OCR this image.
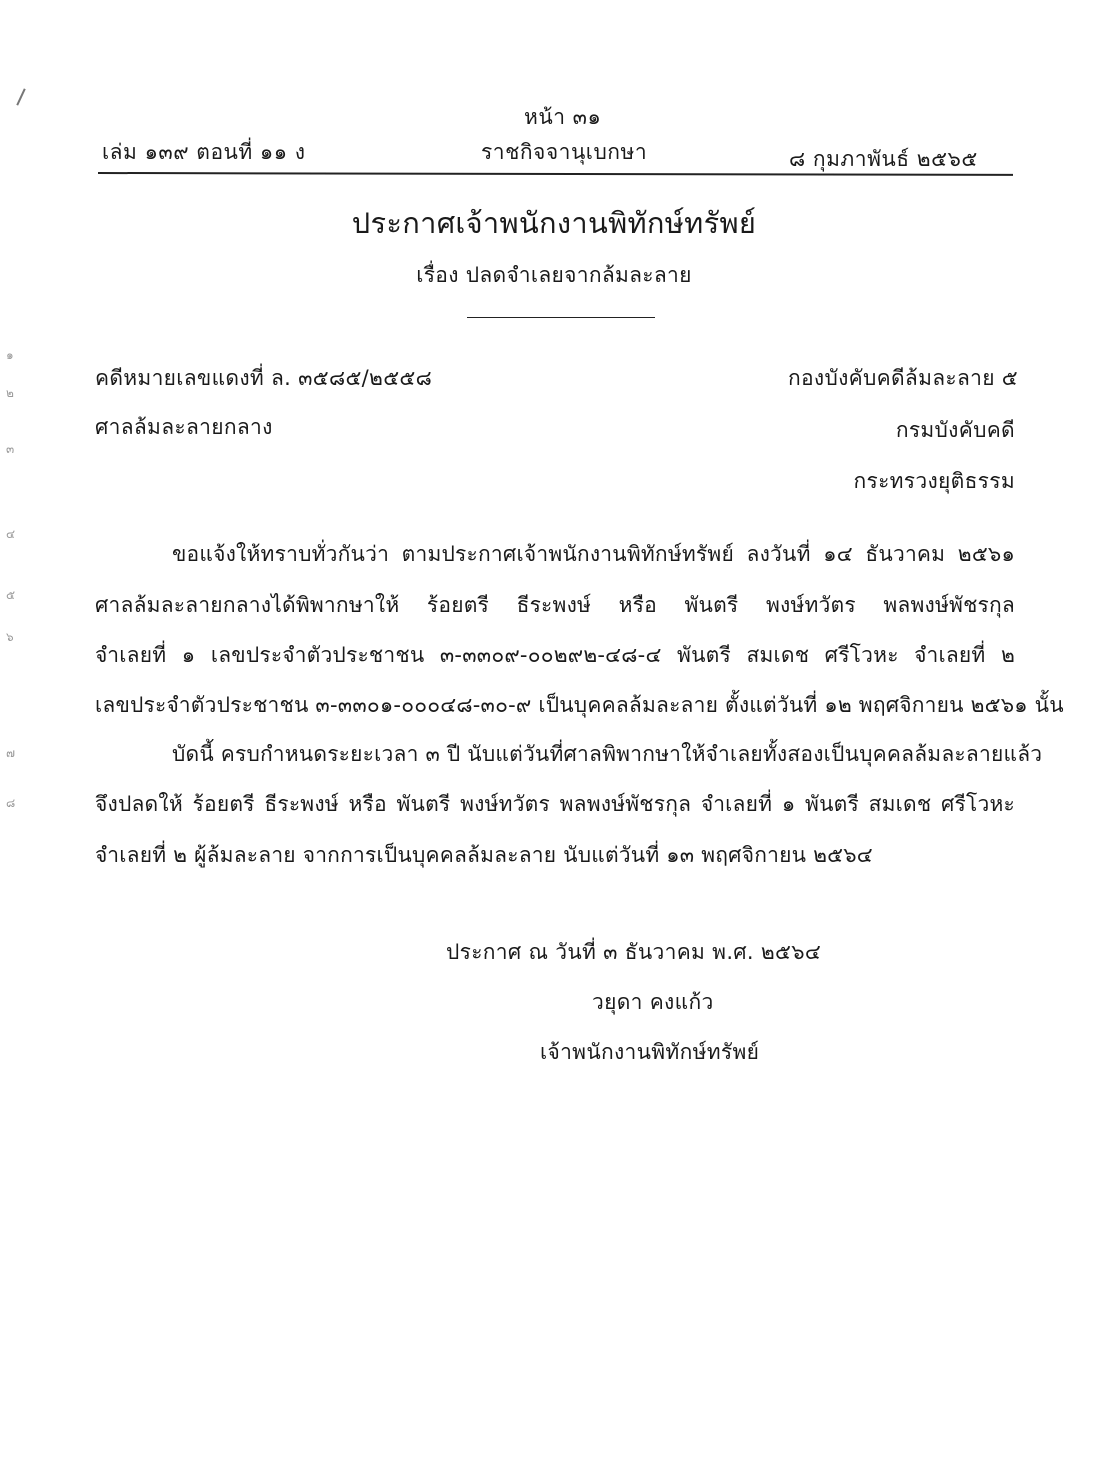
๑
๒
๓
๔
๕
๖
๗
๘
หน้า ๓๑
เล่ม ๑๓๙ ตอนที่ ๑๑ ง	ราชกิจจานุเบกษา	๘ กุมภาพันธ์ ๒๕๖๕
ประกาศเจ้าพนักงานพิทักษ์ทรัพย์
เรื่อง ปลดจำเลยจากล้มละลาย
คดีหมายเลขแดงที่ ล. ๓๕๘๕/๒๕๕๘	กองบังคับคดีล้มละลาย ๕
ศาลล้มละลายกลาง	กรมบังคับคดี
กระทรวงยุติธรรม
ขอแจ้งให้ทราบทั่วกันว่า ตามประกาศเจ้าพนักงานพิทักษ์ทรัพย์ ลงวันที่ ๑๔ ธันวาคม ๒๕๖๑
ศาลล้มละลายกลางได้พิพากษาให้ ร้อยตรี ธีระพงษ์ หรือ พันตรี พงษ์ทวัตร พลพงษ์พัชรกุล
จำเลยที่ ๑ เลขประจำตัวประชาชน ๓-๓๓๐๙-๐๐๒๙๒-๔๘-๔ พันตรี สมเดช ศรีโวหะ จำเลยที่ ๒
เลขประจำตัวประชาชน ๓-๓๓๐๑-๐๐๐๔๘-๓๐-๙ เป็นบุคคลล้มละลาย ตั้งแต่วันที่ ๑๒ พฤศจิกายน ๒๕๖๑ นั้น
บัดนี้ ครบกำหนดระยะเวลา ๓ ปี นับแต่วันที่ศาลพิพากษาให้จำเลยทั้งสองเป็นบุคคลล้มละลายแล้ว
จึงปลดให้ ร้อยตรี ธีระพงษ์ หรือ พันตรี พงษ์ทวัตร พลพงษ์พัชรกุล จำเลยที่ ๑ พันตรี สมเดช ศรีโวหะ
จำเลยที่ ๒ ผู้ล้มละลาย จากการเป็นบุคคลล้มละลาย นับแต่วันที่ ๑๓ พฤศจิกายน ๒๕๖๔
ประกาศ ณ วันที่ ๓ ธันวาคม พ.ศ. ๒๕๖๔
วยุดา คงแก้ว
เจ้าพนักงานพิทักษ์ทรัพย์
